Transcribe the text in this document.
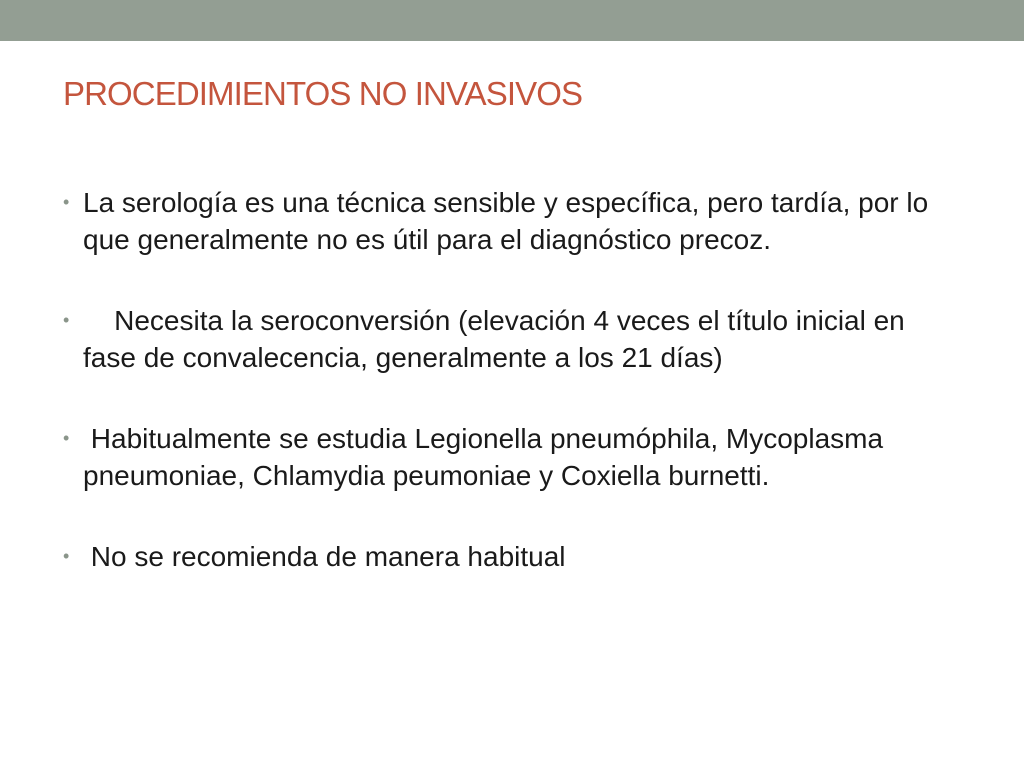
PROCEDIMIENTOS NO INVASIVOS
• La serología es una técnica sensible y específica, pero tardía, por lo que generalmente no es útil para el diagnóstico precoz.
• Necesita la seroconversión (elevación 4 veces el título inicial en fase de convalecencia, generalmente a los 21 días)
• Habitualmente se estudia Legionella pneumóphila, Mycoplasma pneumoniae, Chlamydia peumoniae y Coxiella burnetti.
• No se recomienda de manera habitual
